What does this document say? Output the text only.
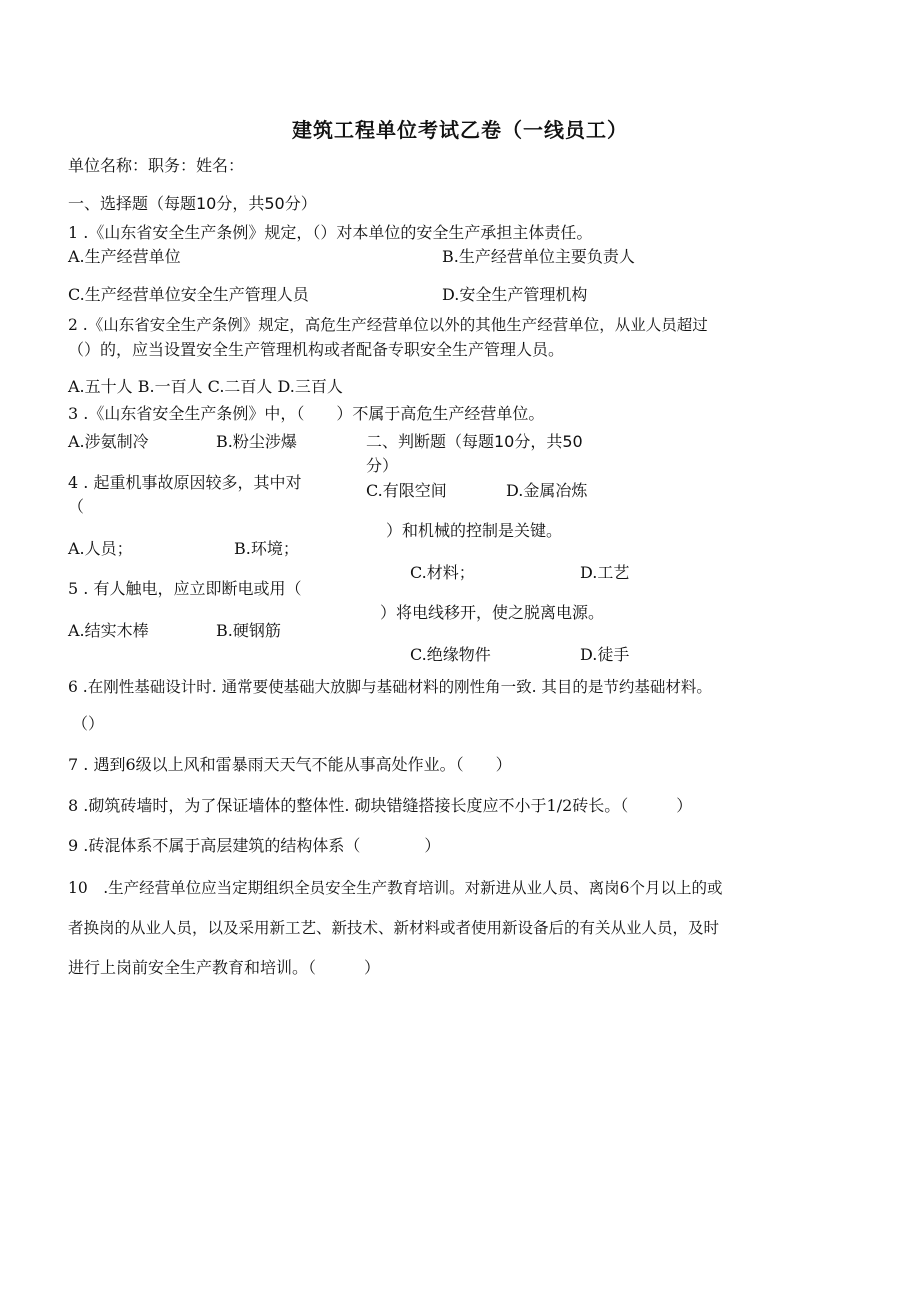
建筑工程单位考试乙卷（一线员工）
单位名称：职务：姓名：
一、选择题（每题10分，共50分）
1 .《山东省安全生产条例》规定，（）对本单位的安全生产承担主体责任。
A.生产经营单位	B.生产经营单位主要负责人
C.生产经营单位安全生产管理人员	D.安全生产管理机构
2 .《山东省安全生产条例》规定，高危生产经营单位以外的其他生产经营单位，从业人员超过
（）的，应当设置安全生产管理机构或者配备专职安全生产管理人员。
A.五十人 B.一百人 C.二百人 D.三百人
3 .《山东省安全生产条例》中，（　　）不属于高危生产经营单位。
A.涉氨制冷	B.粉尘涉爆	二、判断题（每题10分，共50
分）
C.有限空间	D.金属冶炼
4 . 起重机事故原因较多，其中对
（
）和机械的控制是关键。
A.人员；	B.环境；
C.材料；	D.工艺
5 . 有人触电，应立即断电或用（
）将电线移开，使之脱离电源。
A.结实木棒	B.硬钢筋
C.绝缘物件	D.徒手
6 .在刚性基础设计时. 通常要使基础大放脚与基础材料的刚性角一致. 其目的是节约基础材料。
（）
7 . 遇到6级以上风和雷暴雨天天气不能从事高处作业。（　　）
8 .砌筑砖墙时，为了保证墙体的整体性. 砌块错缝搭接长度应不小于1/2砖长。（　　　）
9 .砖混体系不属于高层建筑的结构体系（　　　　）
10　.生产经营单位应当定期组织全员安全生产教育培训。对新进从业人员、离岗6个月以上的或
者换岗的从业人员，以及采用新工艺、新技术、新材料或者使用新设备后的有关从业人员，及时
进行上岗前安全生产教育和培训。（　　　）
